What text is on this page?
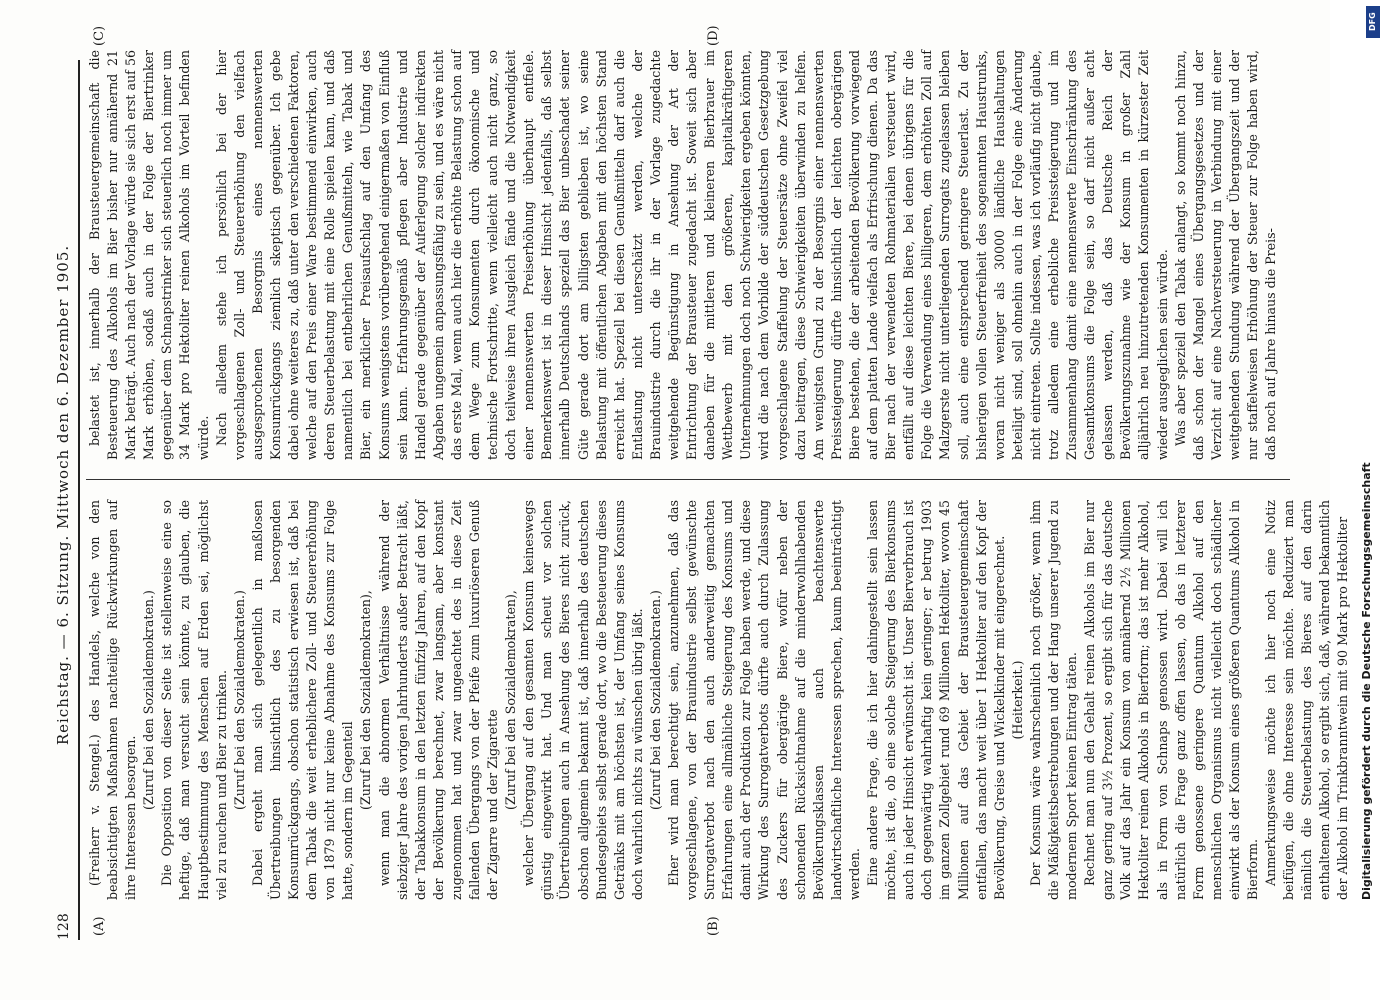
128
Reichstag. — 6. Sitzung. Mittwoch den 6. Dezember 1905.
(A)	(B)
(C)	(D)

(Freiherr v. Stengel.) des Handels, welche von den beabsichtigten Maßnahmen nachteilige Rückwirkungen auf ihre Interessen besorgen.

(Zuruf bei den Sozialdemokraten.) Die Opposition von dieser Seite ist stellenweise eine so heftige, daß man versucht sein könnte, zu glauben, die Hauptbestimmung des Menschen auf Erden sei, möglichst viel zu rauchen und Bier zu trinken. (Zuruf bei den Sozialdemokraten.) Dabei ergeht man sich gelegentlich in maßlosen Übertreibungen hinsichtlich des zu besorgenden Konsumrückgangs, obschon statistisch erwiesen ist, daß bei dem Tabak die weit erheblichere Zoll- und Steuererhöhung von 1879 nicht nur keine Abnahme des Konsums zur Folge hatte, sondern im Gegenteil

(Zuruf bei den Sozialdemokraten), wenn man die abnormen Verhältnisse während der siebziger Jahre des vorigen Jahrhunderts außer Betracht läßt, der Tabakkonsum in den letzten fünfzig Jahren, auf den Kopf der Bevölkerung berechnet, zwar langsam, aber konstant zugenommen hat und zwar ungeachtet des in diese Zeit fallenden Übergangs von der Pfeife zum luxuriöseren Genuß der Zigarre und der Zigarette (Zuruf bei den Sozialdemokraten), welcher Übergang auf den gesamten Konsum keineswegs günstig eingewirkt hat. Und man scheut vor solchen Übertreibungen auch in Ansehung des Bieres nicht zurück, obschon allgemein bekannt ist, daß innerhalb des deutschen Bundesgebiets selbst gerade dort, wo die Besteuerung dieses Getränks mit am höchsten ist, der Umfang seines Konsums doch wahrlich nichts zu wünschen übrig läßt. (Zuruf bei den Sozialdemokraten.) Eher wird man berechtigt sein, anzunehmen, daß das vorgeschlagene, von der Brauindustrie selbst gewünschte Surrogatverbot nach den auch anderweitig gemachten Erfahrungen eine allmähliche Steigerung des Konsums und damit auch der Produktion zur Folge haben werde, und diese Wirkung des Surrogatverbots dürfte auch durch Zulassung des Zuckers für obergärige Biere, wofür neben der schonenden Rücksichtnahme auf die minderwohlhabenden Bevölkerungsklassen auch beachtenswerte landwirtschaftliche Interessen sprechen, kaum beeinträchtigt werden. Eine andere Frage, die ich hier dahingestellt sein lassen möchte, ist die, ob eine solche Steigerung des Bierkonsums auch in jeder Hinsicht erwünscht ist. Unser Bierverbrauch ist doch gegenwärtig wahrhaftig kein geringer; er betrug 1903 im ganzen Zollgebiet rund 69 Millionen Hektoliter, wovon 45 Millionen auf das Gebiet der Brausteuergemeinschaft entfallen, das macht weit über 1 Hektoliter auf den Kopf der Bevölkerung, Greise und Wickelkinder mit eingerechnet. (Heiterkeit.) Der Konsum wäre wahrscheinlich noch größer, wenn ihm die Mäßigkeitsbestrebungen und der Hang unserer Jugend zu modernem Sport keinen Eintrag täten. Rechnet man nun den Gehalt reinen Alkohols im Bier nur ganz gering auf 3½ Prozent, so ergibt sich für das deutsche Volk auf das Jahr ein Konsum von annähernd 2½ Millionen Hektoliter reinen Alkohols in Bierform; das ist mehr Alkohol, als in Form von Schnaps genossen wird. Dabei will ich natürlich die Frage ganz offen lassen, ob das in letzterer Form genossene geringere Quantum Alkohol auf den menschlichen Organismus nicht vielleicht doch schädlicher einwirkt als der Konsum eines größeren Quantums Alkohol in Bierform. Anmerkungsweise möchte ich hier noch eine Notiz beifügen, die ohne Interesse sein möchte. Reduziert man nämlich die Steuerbelastung des Bieres auf den darin enthaltenen Alkohol, so ergibt sich, daß, während bekanntlich der Alkohol im Trinkbranntwein mit 90 Mark pro Hektoliter

belastet ist, innerhalb der Brausteuergemeinschaft die Besteuerung des Alkohols im Bier bisher nur annähernd 21 Mark beträgt. Auch nach der Vorlage würde sie sich erst auf 56 Mark erhöhen, sodaß auch in der Folge der Biertrinker gegenüber dem Schnapstrinker sich steuerlich noch immer um 34 Mark pro Hektoliter reinen Alkohols im Vorteil befinden würde. Nach alledem stehe ich persönlich bei der hier vorgeschlagenen Zoll- und Steuererhöhung den vielfach ausgesprochenen Besorgnis eines nennenswerten Konsumrückgangs ziemlich skeptisch gegenüber. Ich gebe dabei ohne weiteres zu, daß unter den verschiedenen Faktoren, welche auf den Preis einer Ware bestimmend einwirken, auch deren Steuerbelastung mit eine Rolle spielen kann, und daß namentlich bei entbehrlichen Genußmitteln, wie Tabak und Bier, ein merklicher Preisaufschlag auf den Umfang des Konsums wenigstens vorübergehend einigermaßen von Einfluß sein kann. Erfahrungsgemäß pflegen aber Industrie und Handel gerade gegenüber der Auferlegung solcher indirekten Abgaben ungemein anpassungsfähig zu sein, und es wäre nicht das erste Mal, wenn auch hier die erhöhte Belastung schon auf dem Wege zum Konsumenten durch ökonomische und technische Fortschritte, wenn vielleicht auch nicht ganz, so doch teilweise ihren Ausgleich fände und die Notwendigkeit einer nennenswerten Preiserhöhung überhaupt entfiele. Bemerkenswert ist in dieser Hinsicht jedenfalls, daß selbst innerhalb Deutschlands speziell das Bier unbeschadet seiner Güte gerade dort am billigsten geblieben ist, wo seine Belastung mit öffentlichen Abgaben mit den höchsten Stand erreicht hat. Speziell bei diesen Genußmitteln darf auch die Entlastung nicht unterschätzt werden, welche der Brauindustrie durch die ihr in der Vorlage zugedachte weitgehende Begünstigung in Ansehung der Art der Entrichtung der Brausteuer zugedacht ist. Soweit sich aber daneben für die mittleren und kleineren Bierbrauer im Wettbewerb mit den größeren, kapitalkräftigeren Unternehmungen doch noch Schwierigkeiten ergeben könnten, wird die nach dem Vorbilde der süddeutschen Gesetzgebung vorgeschlagene Staffelung der Steuersätze ohne Zweifel viel dazu beitragen, diese Schwierigkeiten überwinden zu helfen. Am wenigsten Grund zu der Besorgnis einer nennenswerten Preissteigerung dürfte hinsichtlich der leichten obergärigen Biere bestehen, die der arbeitenden Bevölkerung vorwiegend auf dem platten Lande vielfach als Erfrischung dienen. Da das Bier nach der verwendeten Rohmaterialien versteuert wird, entfällt auf diese leichten Biere, bei denen übrigens für die Folge die Verwendung eines billigeren, dem erhöhten Zoll auf Malzgerste nicht unterliegenden Surrogats zugelassen bleiben soll, auch eine entsprechend geringere Steuerlast. Zu der bisherigen vollen Steuerfreiheit des sogenannten Haustrunks, woran nicht weniger als 30000 ländliche Haushaltungen beteiligt sind, soll ohnehin auch in der Folge eine Änderung nicht eintreten. Sollte indessen, was ich vorläufig nicht glaube, trotz alledem eine erhebliche Preissteigerung und im Zusammenhang damit eine nennenswerte Einschränkung des Gesamtkonsums die Folge sein, so darf nicht außer acht gelassen werden, daß das Deutsche Reich der Bevölkerungszunahme wie der Konsum in großer Zahl alljährlich neu hinzutretenden Konsumenten in kürzester Zeit wieder ausgeglichen sein würde. Was aber speziell den Tabak anlangt, so kommt noch hinzu, daß schon der Mangel eines Übergangsgesetzes und der Verzicht auf eine Nachversteuerung in Verbindung mit einer weitgehenden Stundung während der Übergangszeit und der nur staffelweisen Erhöhung der Steuer zur Folge haben wird, daß noch auf Jahre hinaus die Preis-

Digitalisierung gefördert durch die Deutsche Forschungsgemeinschaft
DFG
